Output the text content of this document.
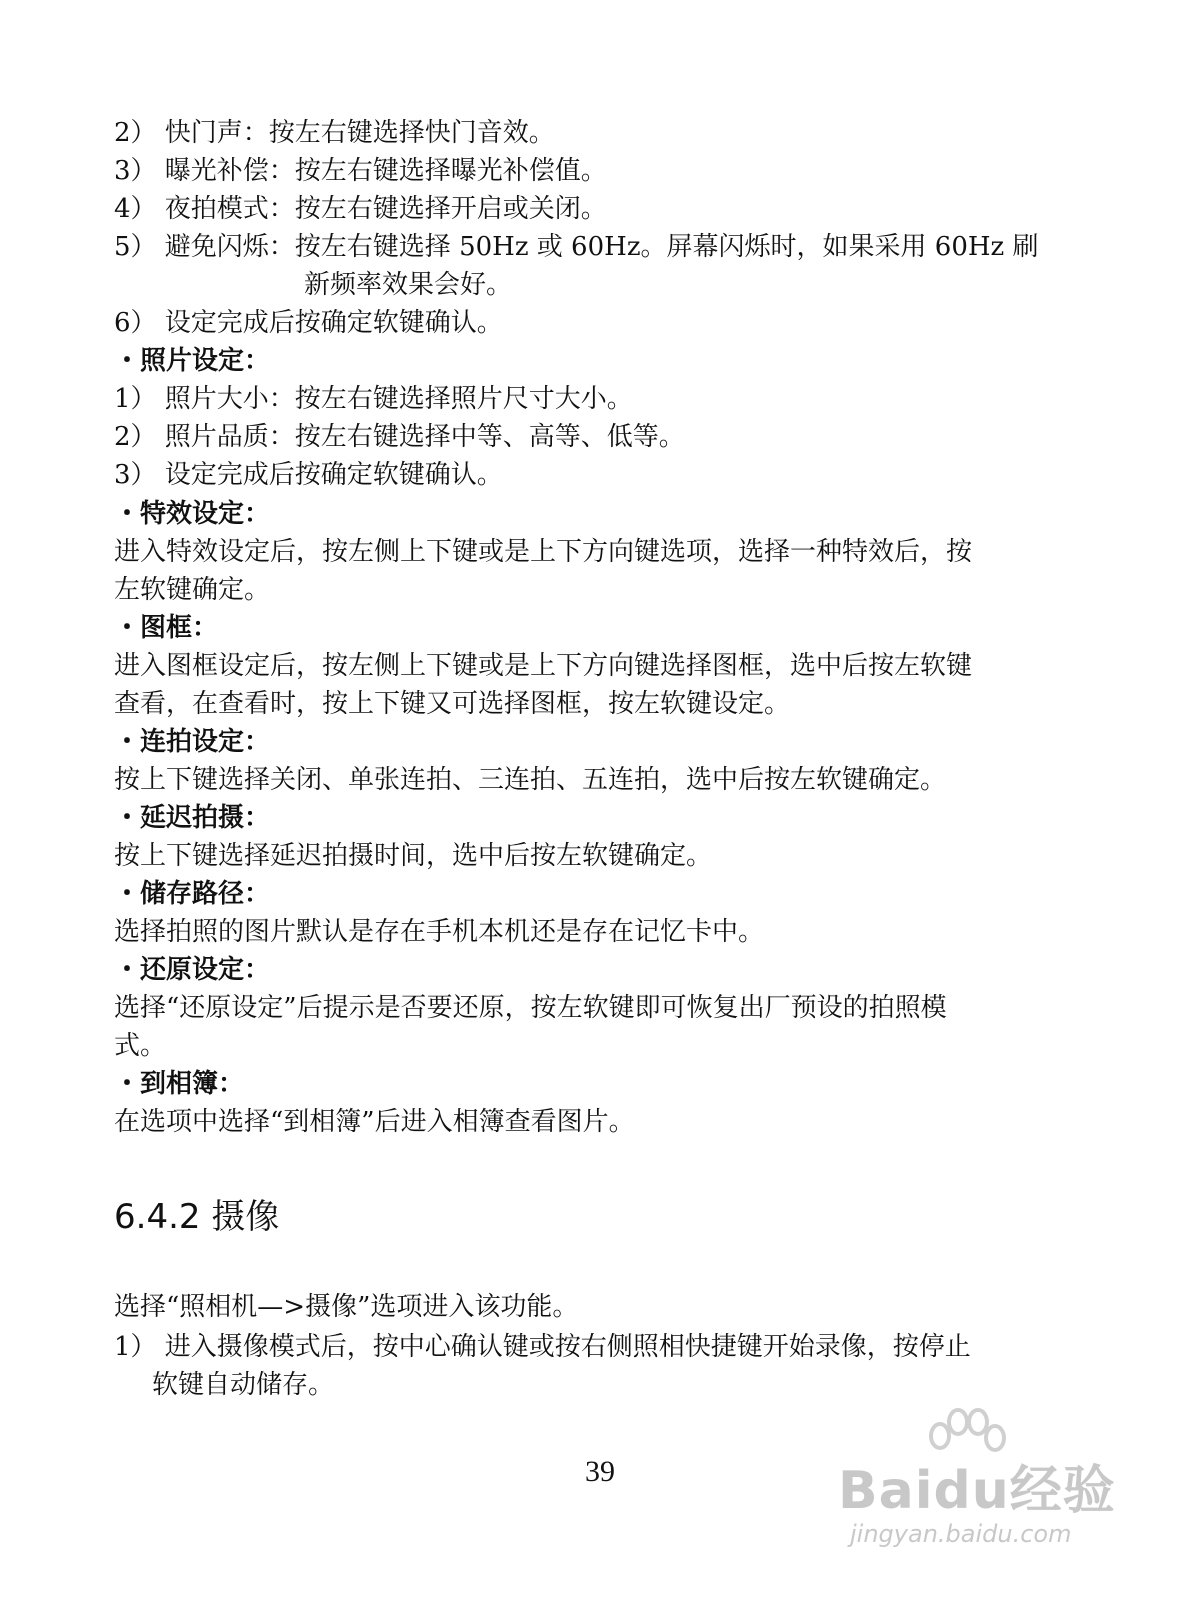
2） 快门声：按左右键选择快门音效。
3） 曝光补偿：按左右键选择曝光补偿值。
4） 夜拍模式：按左右键选择开启或关闭。
5） 避免闪烁：按左右键选择 50Hz 或 60Hz。屏幕闪烁时，如果采用 60Hz 刷
新频率效果会好。
6） 设定完成后按确定软键确认。
・照片设定：
1） 照片大小：按左右键选择照片尺寸大小。
2） 照片品质：按左右键选择中等、高等、低等。
3） 设定完成后按确定软键确认。
・特效设定：
进入特效设定后，按左侧上下键或是上下方向键选项，选择一种特效后，按
左软键确定。
・图框：
进入图框设定后，按左侧上下键或是上下方向键选择图框，选中后按左软键
查看，在查看时，按上下键又可选择图框，按左软键设定。
・连拍设定：
按上下键选择关闭、单张连拍、三连拍、五连拍，选中后按左软键确定。
・延迟拍摄：
按上下键选择延迟拍摄时间，选中后按左软键确定。
・储存路径：
选择拍照的图片默认是存在手机本机还是存在记忆卡中。
・还原设定：
选择“还原设定”后提示是否要还原，按左软键即可恢复出厂预设的拍照模
式。
・到相簿：
在选项中选择“到相簿”后进入相簿查看图片。
6.4.2 摄像
选择“照相机—>摄像”选项进入该功能。
1） 进入摄像模式后，按中心确认键或按右侧照相快捷键开始录像，按停止
软键自动储存。
39	Baidu经验
jingyan.baidu.com
